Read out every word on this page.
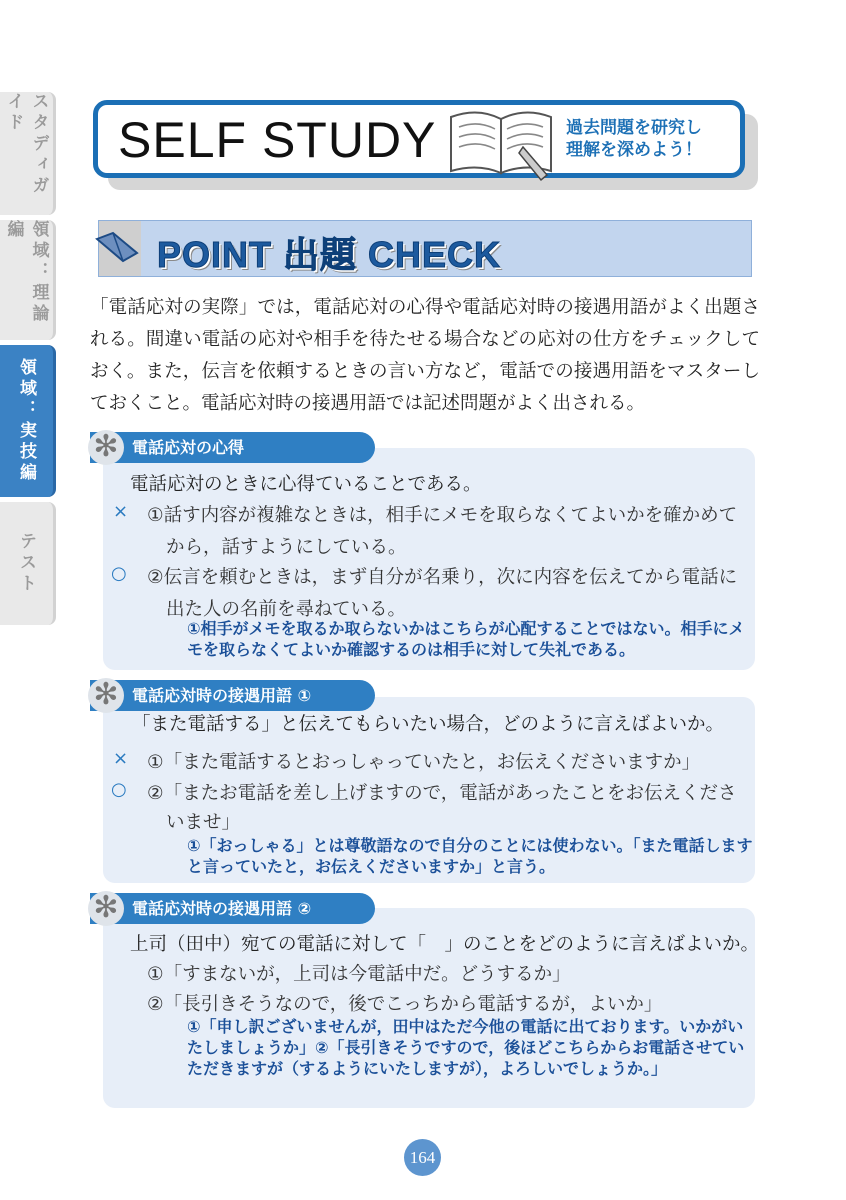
スタディガイド
領域：理論編
領域：実技編
テスト
SELF STUDY	過去問題を研究し
理解を深めよう！
POINT 出題 CHECK
「電話応対の実際」では，電話応対の心得や電話応対時の接遇用語がよく出題される。間違い電話の応対や相手を待たせる場合などの応対の仕方をチェックしておく。また，伝言を依頼するときの言い方など，電話での接遇用語をマスターしておくこと。電話応対時の接遇用語では記述問題がよく出される。
✻ 電話応対の心得
電話応対のときに心得ていることである。
× ①話す内容が複雑なときは，相手にメモを取らなくてよいかを確かめて
から，話すようにしている。
○ ②伝言を頼むときは，まず自分が名乗り，次に内容を伝えてから電話に
出た人の名前を尋ねている。
①相手がメモを取るか取らないかはこちらが心配することではない。相手にメモを取らなくてよいか確認するのは相手に対して失礼である。
✻ 電話応対時の接遇用語 ①
「また電話する」と伝えてもらいたい場合，どのように言えばよいか。
× ①「また電話するとおっしゃっていたと，お伝えくださいますか」
○ ②「またお電話を差し上げますので，電話があったことをお伝えくださ
いませ」
①「おっしゃる」とは尊敬語なので自分のことには使わない。「また電話しますと言っていたと，お伝えくださいますか」と言う。
✻ 電話応対時の接遇用語 ②
上司（田中）宛ての電話に対して「　」のことをどのように言えばよいか。
①「すまないが，上司は今電話中だ。どうするか」
②「長引きそうなので，後でこっちから電話するが，よいか」
①「申し訳ございませんが，田中はただ今他の電話に出ております。いかがいたしましょうか」②「長引きそうですので，後ほどこちらからお電話させていただきますが（するようにいたしますが），よろしいでしょうか。」
164
